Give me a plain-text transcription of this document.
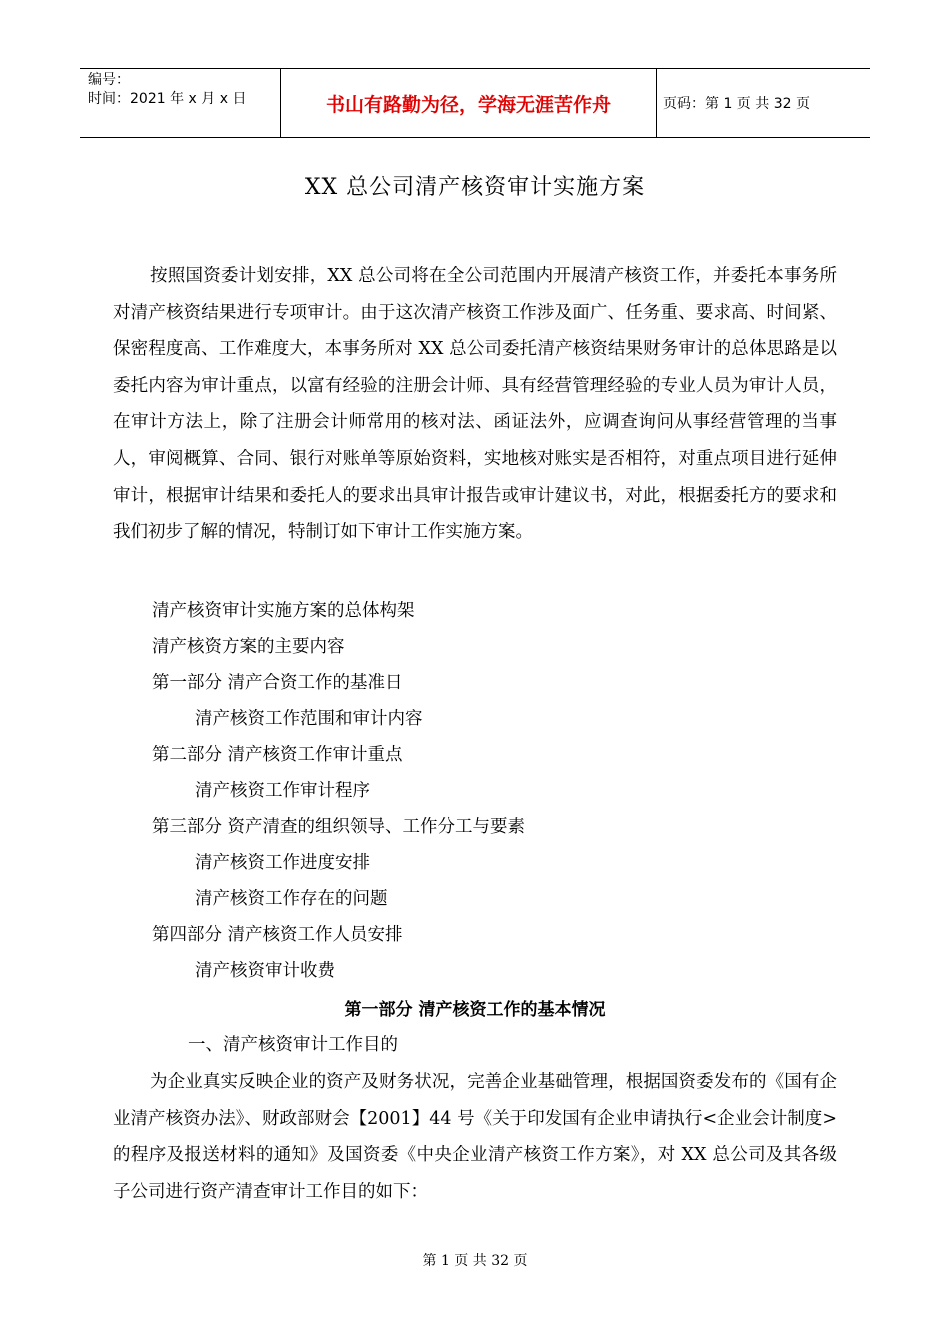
编号：
时间：2021 年 x 月 x 日	书山有路勤为径，学海无涯苦作舟	页码：第 1 页 共 32 页
XX 总公司清产核资审计实施方案

按照国资委计划安排，XX 总公司将在全公司范围内开展清产核资工作，并委托本事务所对清产核资结果进行专项审计。由于这次清产核资工作涉及面广、任务重、要求高、时间紧、保密程度高、工作难度大，本事务所对 XX 总公司委托清产核资结果财务审计的总体思路是以委托内容为审计重点，以富有经验的注册会计师、具有经营管理经验的专业人员为审计人员，在审计方法上，除了注册会计师常用的核对法、函证法外，应调查询问从事经营管理的当事人，审阅概算、合同、银行对账单等原始资料，实地核对账实是否相符，对重点项目进行延伸审计，根据审计结果和委托人的要求出具审计报告或审计建议书，对此，根据委托方的要求和我们初步了解的情况，特制订如下审计工作实施方案。

清产核资审计实施方案的总体构架
清产核资方案的主要内容
第一部分 清产合资工作的基准日
清产核资工作范围和审计内容
第二部分 清产核资工作审计重点
清产核资工作审计程序
第三部分 资产清查的组织领导、工作分工与要素
清产核资工作进度安排
清产核资工作存在的问题
第四部分 清产核资工作人员安排
清产核资审计收费
第一部分 清产核资工作的基本情况
一、清产核资审计工作目的

为企业真实反映企业的资产及财务状况，完善企业基础管理，根据国资委发布的《国有企业清产核资办法》、财政部财会【2001】44 号《关于印发国有企业申请执行<企业会计制度>的程序及报送材料的通知》及国资委《中央企业清产核资工作方案》，对 XX 总公司及其各级子公司进行资产清查审计工作目的如下：

第 1 页 共 32 页
